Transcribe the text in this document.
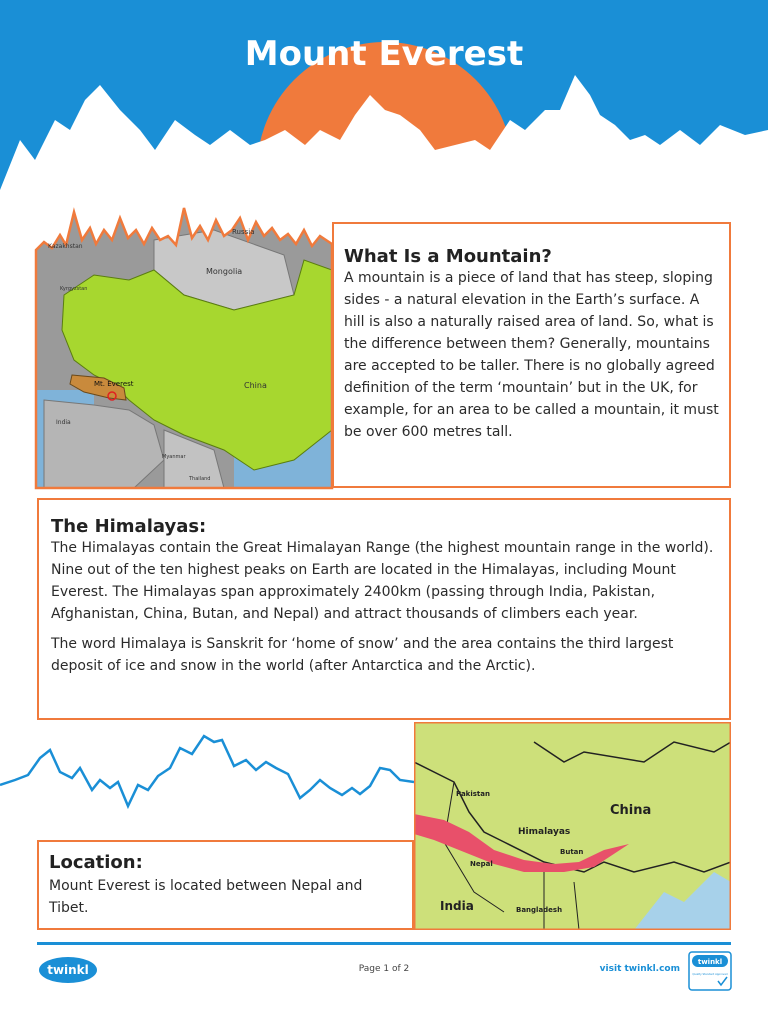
Mount Everest
Kazakhstan
Russia
Mongolia
Kyrgyzstan
Mt. Everest	China
India
Myanmar
Thailand
What Is a Mountain?

A mountain is a piece of land that has steep, sloping sides - a natural elevation in the Earth’s surface. A hill is also a naturally raised area of land. So, what is the difference between them? Generally, mountains are accepted to be taller. There is no globally agreed definition of the term ‘mountain’ but in the UK, for example, for an area to be called a mountain, it must be over 600 metres tall.

The Himalayas:

The Himalayas contain the Great Himalayan Range (the highest mountain range in the world). Nine out of the ten highest peaks on Earth are located in the Himalayas, including Mount Everest. The Himalayas span approximately 2400km (passing through India, Pakistan, Afghanistan, China, Butan, and Nepal) and attract thousands of climbers each year.

The word Himalaya is Sanskrit for ‘home of snow’ and the area contains the third largest deposit of ice and snow in the world (after Antarctica and the Arctic).

Location:

Mount Everest is located between Nepal and Tibet.

Pakistan
China
Himalayas
Butan
Nepal
India	Bangladesh
twinkl	Page 1 of 2	visit twinkl.com
twinkl
Quality Standard Approved
